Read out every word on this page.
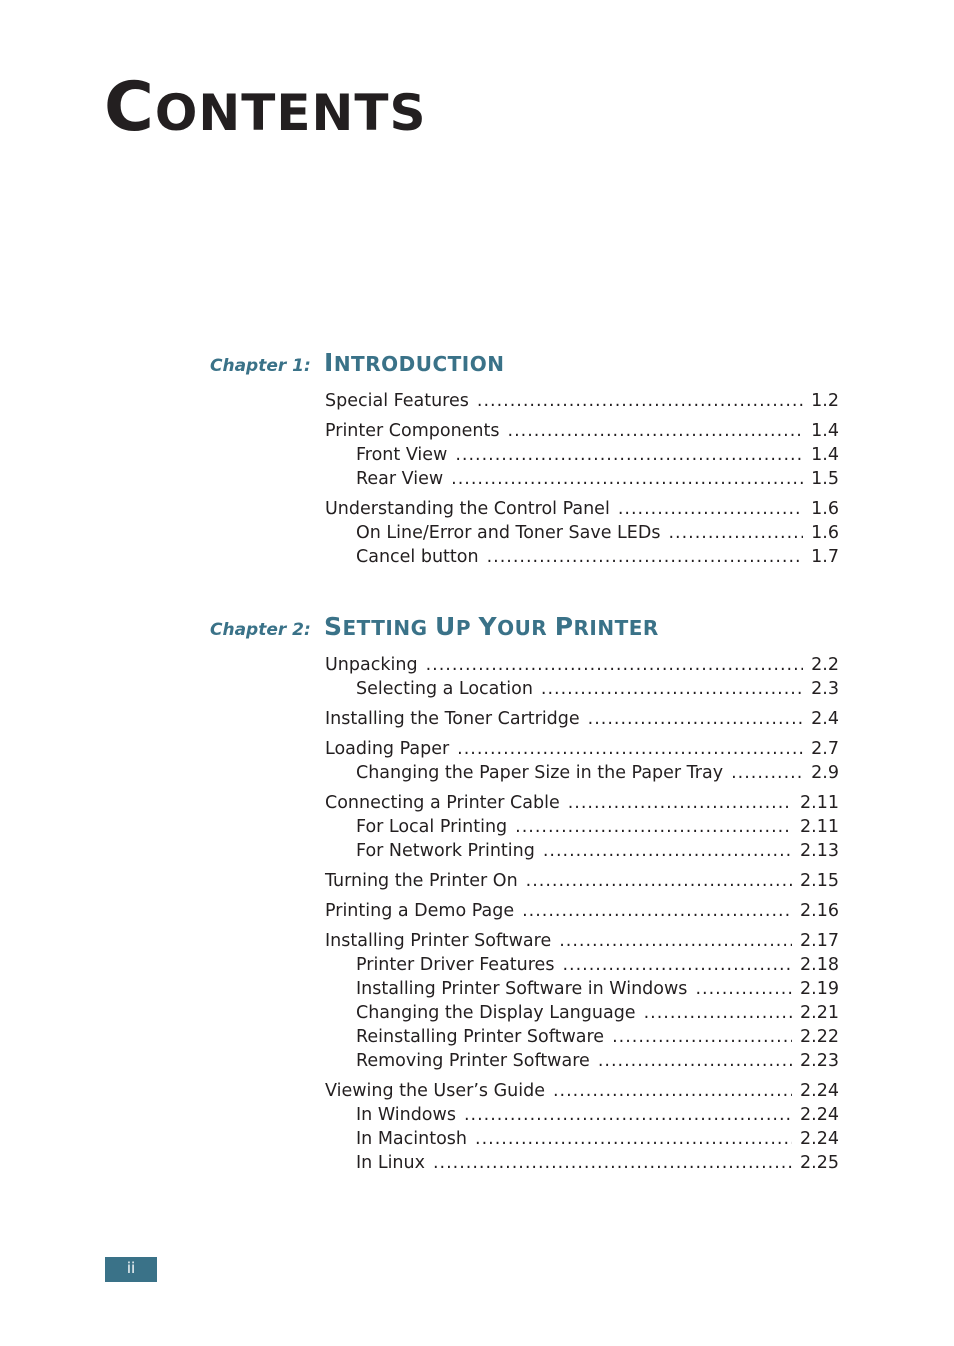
CONTENTS
Chapter 1: INTRODUCTION
Special Features .....	1.2
Printer Components .....	1.4
Front View .....	1.4
Rear View .....	1.5
Understanding the Control Panel .....	1.6
On Line/Error and Toner Save LEDs .....	1.6
Cancel button .....	1.7
Chapter 2: SETTING UP YOUR PRINTER
Unpacking .....	2.2
Selecting a Location .....	2.3
Installing the Toner Cartridge .....	2.4
Loading Paper .....	2.7
Changing the Paper Size in the Paper Tray .....	2.9
Connecting a Printer Cable .....	2.11
For Local Printing .....	2.11
For Network Printing .....	2.13
Turning the Printer On .....	2.15
Printing a Demo Page .....	2.16
Installing Printer Software .....	2.17
Printer Driver Features .....	2.18
Installing Printer Software in Windows .....	2.19
Changing the Display Language .....	2.21
Reinstalling Printer Software .....	2.22
Removing Printer Software .....	2.23
Viewing the User’s Guide .....	2.24
In Windows .....	2.24
In Macintosh .....	2.24
In Linux .....	2.25
ii
